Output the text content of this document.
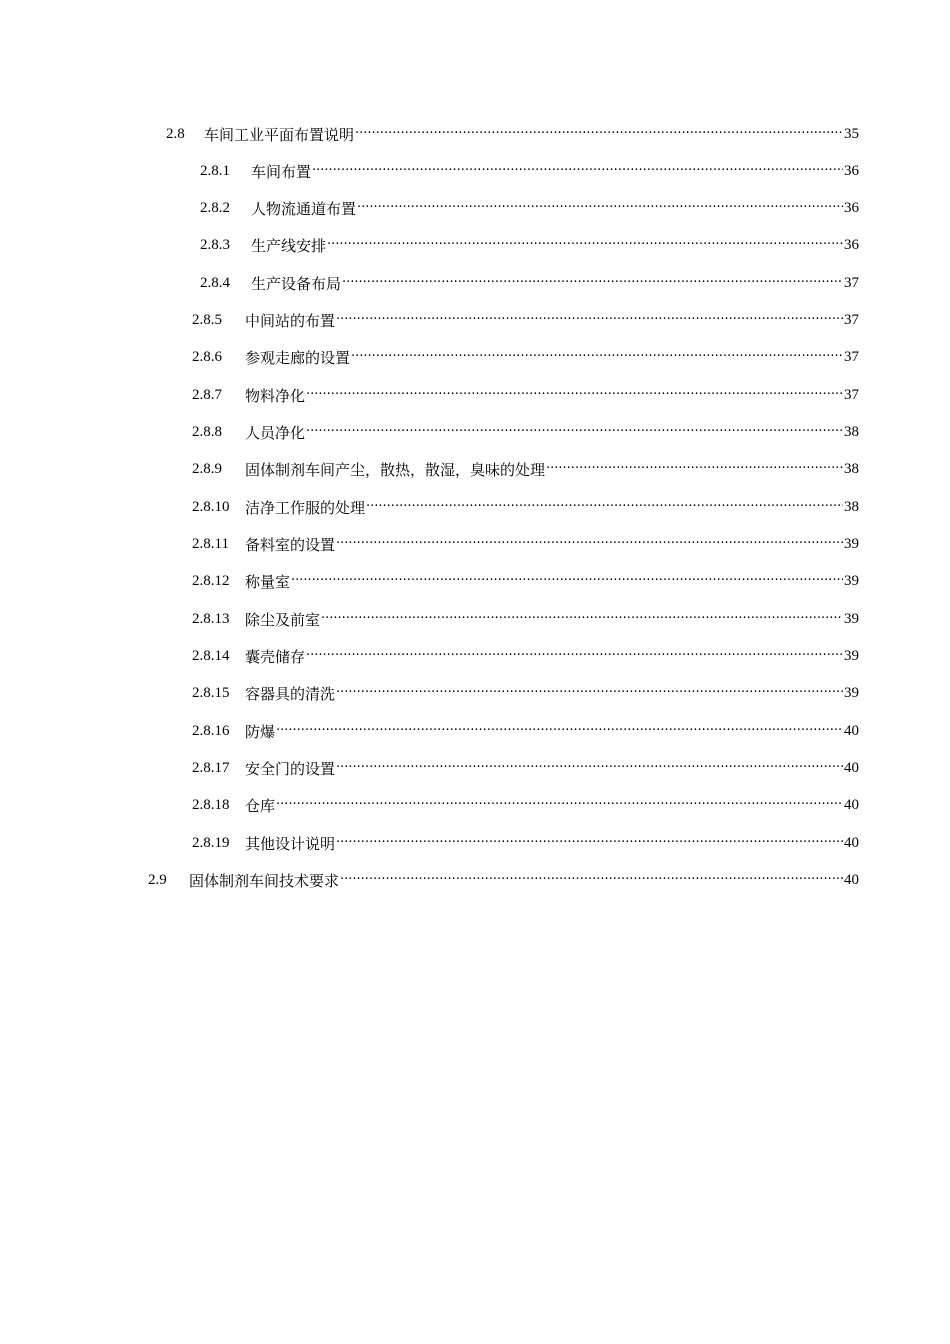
2.8	车间工业平面布置说明 ·····	35
2.8.1	车间布置 ·····	36
2.8.2	人物流通道布置 ·····	36
2.8.3	生产线安排 ·····	36
2.8.4	生产设备布局 ·····	37
2.8.5	中间站的布置 ·····	37
2.8.6	参观走廊的设置 ·····	37
2.8.7	物料净化 ·····	37
2.8.8	人员净化 ·····	38
2.8.9	固体制剂车间产尘，散热，散湿，臭味的处理 ·····	38
2.8.10	洁净工作服的处理 ·····	38
2.8.11	备料室的设置 ·····	39
2.8.12	称量室 ·····	39
2.8.13	除尘及前室 ·····	39
2.8.14	囊壳储存 ·····	39
2.8.15	容器具的清洗 ·····	39
2.8.16	防爆 ·····	40
2.8.17	安全门的设置 ·····	40
2.8.18	仓库 ·····	40
2.8.19	其他设计说明 ·····	40
2.9	固体制剂车间技术要求 ·····	40
